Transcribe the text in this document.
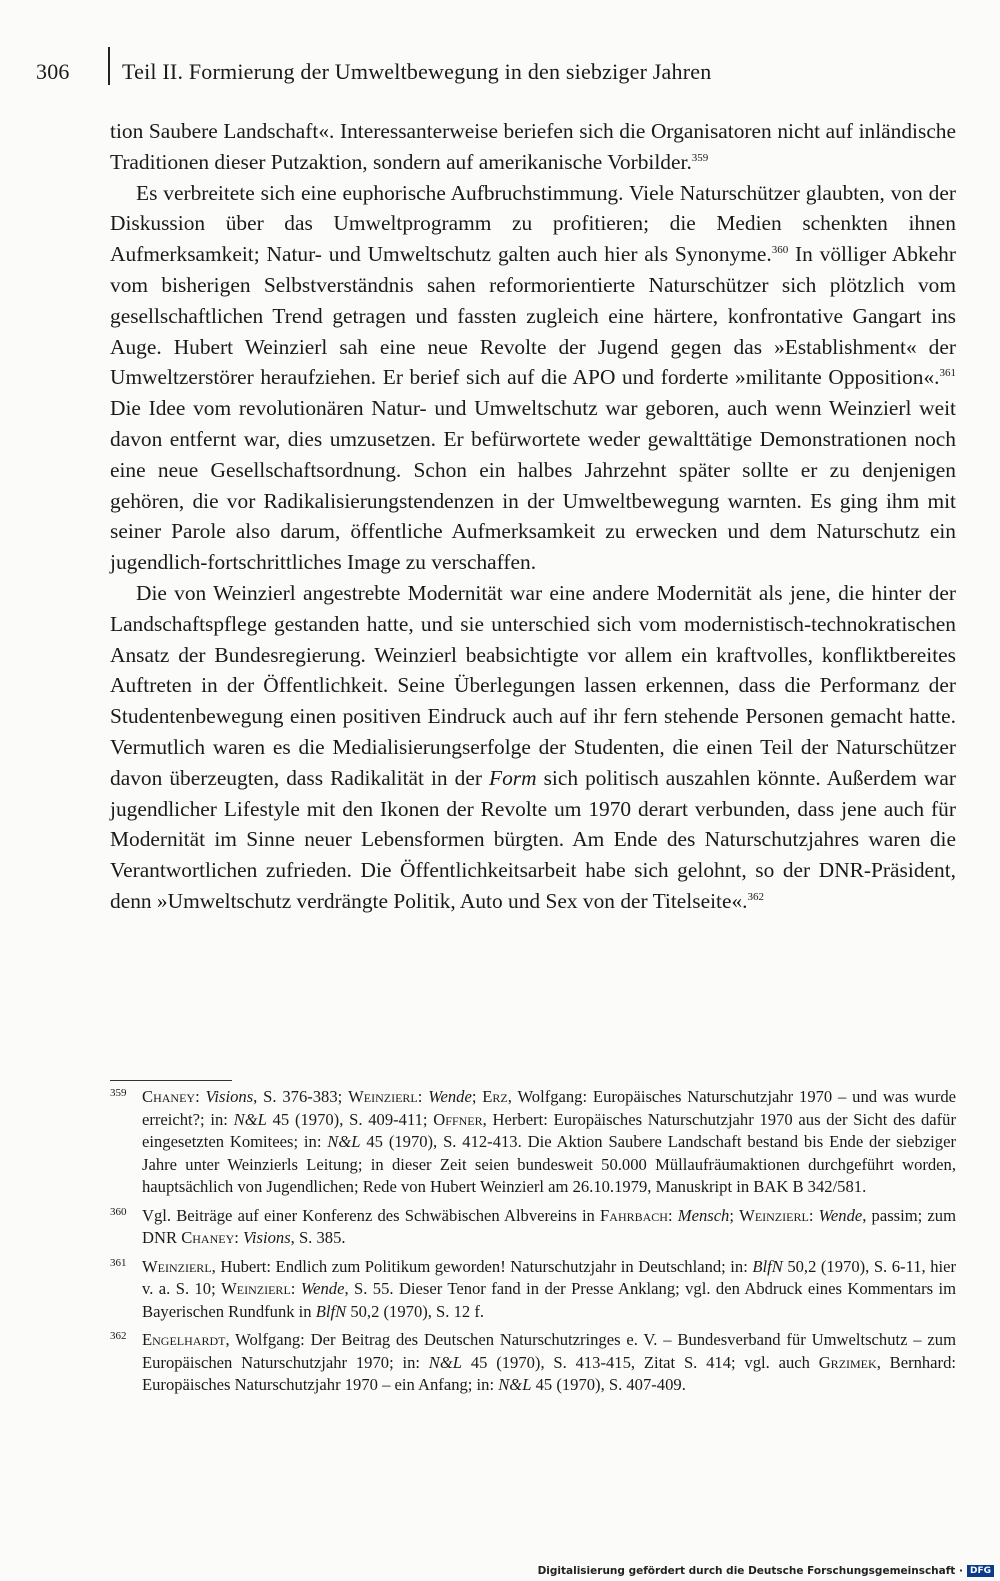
306	Teil II. Formierung der Umweltbewegung in den siebziger Jahren

tion Saubere Landschaft«. Interessanterweise beriefen sich die Organisatoren nicht auf inländische Traditionen dieser Putzaktion, sondern auf amerikanische Vorbilder.$^{359}$

Es verbreitete sich eine euphorische Aufbruchstimmung. Viele Naturschützer glaubten, von der Diskussion über das Umweltprogramm zu profitieren; die Medien schenkten ihnen Aufmerksamkeit; Natur- und Umweltschutz galten auch hier als Synonyme.$^{360}$ In völliger Abkehr vom bisherigen Selbstverständnis sahen reformorientierte Naturschützer sich plötzlich vom gesellschaftlichen Trend getragen und fassten zugleich eine härtere, konfrontative Gangart ins Auge. Hubert Weinzierl sah eine neue Revolte der Jugend gegen das »Establishment« der Umweltzerstörer heraufziehen. Er berief sich auf die APO und forderte »militante Opposition«.$^{361}$ Die Idee vom revolutionären Natur- und Umweltschutz war geboren, auch wenn Weinzierl weit davon entfernt war, dies umzusetzen. Er befürwortete weder gewalttätige Demonstrationen noch eine neue Gesellschaftsordnung. Schon ein halbes Jahrzehnt später sollte er zu denjenigen gehören, die vor Radikalisierungstendenzen in der Umweltbewegung warnten. Es ging ihm mit seiner Parole also darum, öffentliche Aufmerksamkeit zu erwecken und dem Naturschutz ein jugendlich-fortschrittliches Image zu verschaffen.

Die von Weinzierl angestrebte Modernität war eine andere Modernität als jene, die hinter der Landschaftspflege gestanden hatte, und sie unterschied sich vom modernistisch-technokratischen Ansatz der Bundesregierung. Weinzierl beabsichtigte vor allem ein kraftvolles, konfliktbereites Auftreten in der Öffentlichkeit. Seine Überlegungen lassen erkennen, dass die Performanz der Studentenbewegung einen positiven Eindruck auch auf ihr fern stehende Personen gemacht hatte. Vermutlich waren es die Medialisierungserfolge der Studenten, die einen Teil der Naturschützer davon überzeugten, dass Radikalität in der Form sich politisch auszahlen könnte. Außerdem war jugendlicher Lifestyle mit den Ikonen der Revolte um 1970 derart verbunden, dass jene auch für Modernität im Sinne neuer Lebensformen bürgten. Am Ende des Naturschutzjahres waren die Verantwortlichen zufrieden. Die Öffentlichkeitsarbeit habe sich gelohnt, so der DNR-Präsident, denn »Umweltschutz verdrängte Politik, Auto und Sex von der Titelseite«.$^{362}$

359 Chaney: Visions, S. 376-383; Weinzierl: Wende; Erz, Wolfgang: Europäisches Naturschutzjahr 1970 – und was wurde erreicht?; in: N&L 45 (1970), S. 409-411; Offner, Herbert: Europäisches Naturschutzjahr 1970 aus der Sicht des dafür eingesetzten Komitees; in: N&L 45 (1970), S. 412-413. Die Aktion Saubere Landschaft bestand bis Ende der siebziger Jahre unter Weinzierls Leitung; in dieser Zeit seien bundesweit 50.000 Müllaufräumaktionen durchgeführt worden, hauptsächlich von Jugendlichen; Rede von Hubert Weinzierl am 26.10.1979, Manuskript in BAK B 342/581.
360 Vgl. Beiträge auf einer Konferenz des Schwäbischen Albvereins in Fahrbach: Mensch; Weinzierl: Wende, passim; zum DNR Chaney: Visions, S. 385.
361 Weinzierl, Hubert: Endlich zum Politikum geworden! Naturschutzjahr in Deutschland; in: BlfN 50,2 (1970), S. 6-11, hier v. a. S. 10; Weinzierl: Wende, S. 55. Dieser Tenor fand in der Presse Anklang; vgl. den Abdruck eines Kommentars im Bayerischen Rundfunk in BlfN 50,2 (1970), S. 12 f.
362 Engelhardt, Wolfgang: Der Beitrag des Deutschen Naturschutzringes e. V. – Bundesverband für Umweltschutz – zum Europäischen Naturschutzjahr 1970; in: N&L 45 (1970), S. 413-415, Zitat S. 414; vgl. auch Grzimek, Bernhard: Europäisches Naturschutzjahr 1970 – ein Anfang; in: N&L 45 (1970), S. 407-409.
Digitalisierung gefördert durch die Deutsche Forschungsgemeinschaft · DFG
